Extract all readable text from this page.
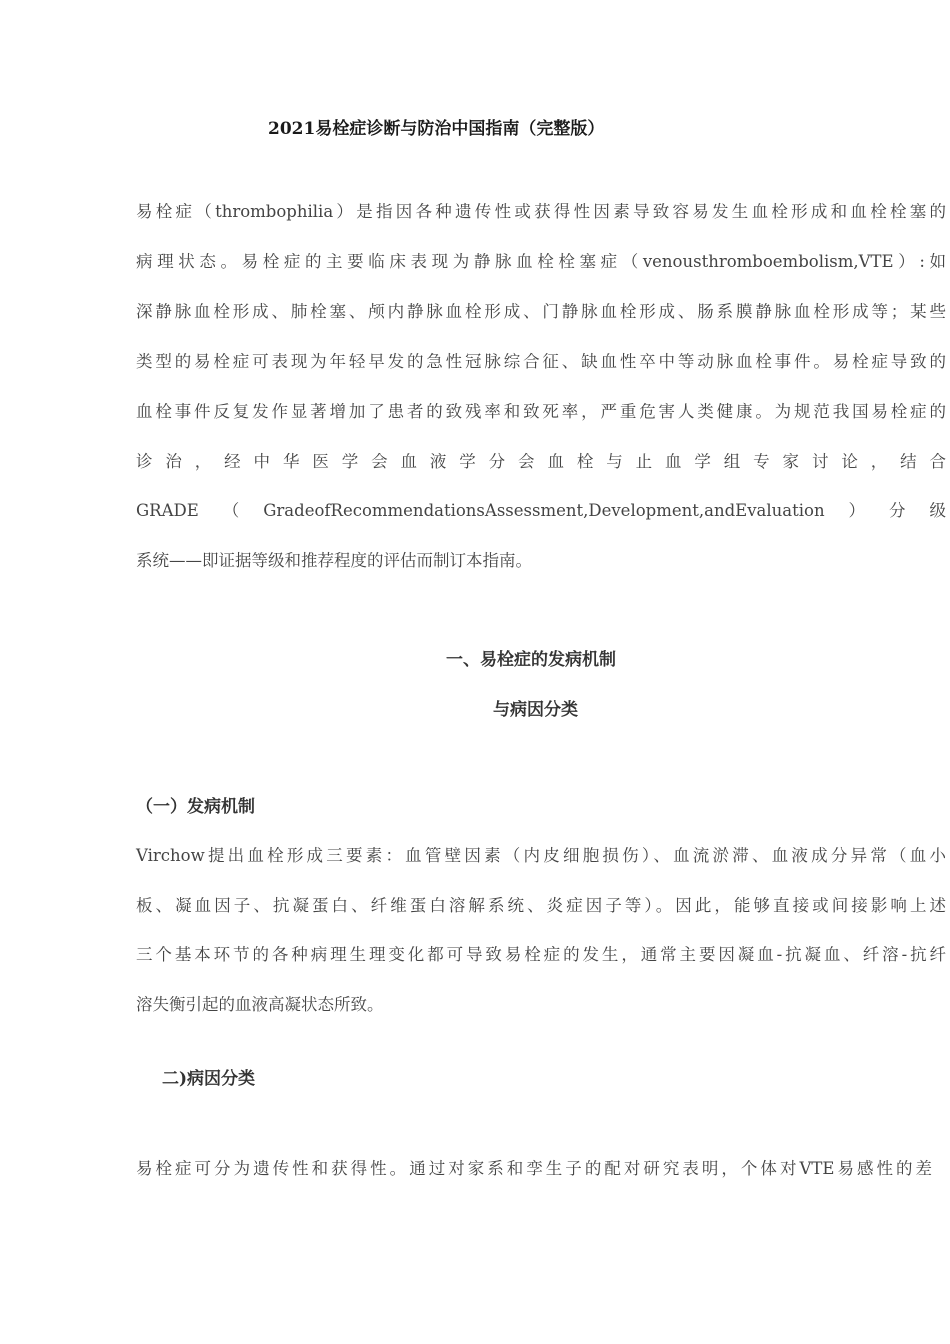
2021易栓症诊断与防治中国指南（完整版）
易栓症（thrombophilia）是指因各种遗传性或获得性因素导致容易发生血栓形成和血栓栓塞的
病理状态。易栓症的主要临床表现为静脉血栓栓塞症（venousthromboembolism,VTE）:如
深静脉血栓形成、肺栓塞、颅内静脉血栓形成、门静脉血栓形成、肠系膜静脉血栓形成等；某些
类型的易栓症可表现为年轻早发的急性冠脉综合征、缺血性卒中等动脉血栓事件。易栓症导致的
血栓事件反复发作显著增加了患者的致残率和致死率，严重危害人类健康。为规范我国易栓症的
诊治，经中华医学会血液学分会血栓与止血学组专家讨论，结合
GRADE（GradeofRecommendationsAssessment,Development,andEvaluation）分级
系统——即证据等级和推荐程度的评估而制订本指南。
一、易栓症的发病机制
与病因分类
（一）发病机制
Virchow提出血栓形成三要素：血管壁因素（内皮细胞损伤）、血流淤滞、血液成分异常（血小
板、凝血因子、抗凝蛋白、纤维蛋白溶解系统、炎症因子等）。因此，能够直接或间接影响上述
三个基本环节的各种病理生理变化都可导致易栓症的发生，通常主要因凝血-抗凝血、纤溶-抗纤
溶失衡引起的血液高凝状态所致。
二)病因分类
易栓症可分为遗传性和获得性。通过对家系和孪生子的配对研究表明，个体对VTE易感性的差
